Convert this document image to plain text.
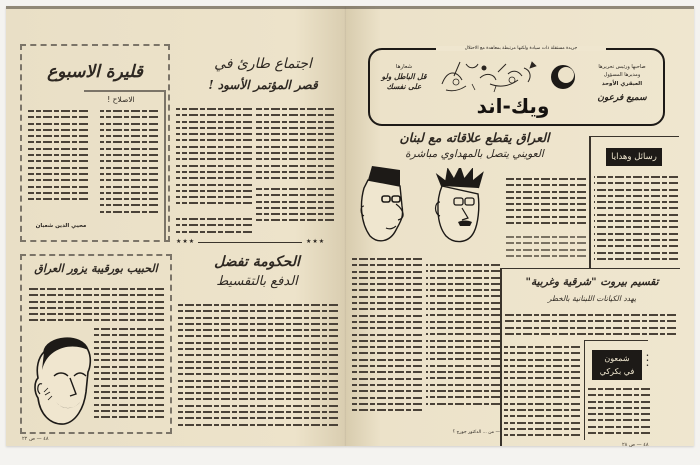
قليرة الاسبوع
الاصلاح !
محيي الدين شعبان
اجتماع طارئ في
قصر المؤتمر الأسود !
★★★	★★★
الحكومة تفضل
الدفع بالتقسيط
الحبيب بورقيبة يزور العراق
٤٨ — ص ٢٢
جريدة مستقلة ذات سيادة ولكنها مرتبطة بمعاهدة مع الاحتلال
شعارها
قل الباطل ولو
على نفسك
ويك-اند
صاحبها ورئيس تحريرها
ومديرها المسؤول
العبقري الأوحد
سميع فرعون
العراق يقطع علاقاته مع لبنان
العويني يتصل بالمهداوي مباشرة
— من ... الدكتور جورج ؟
رسائل وهدايا
تقسيم بيروت "شرقية وغربية"
يهدد الكيانات اللبنانية بالخطر
شمعون
في بكركي
•
•
•
٤٨ — ص ٢٨
